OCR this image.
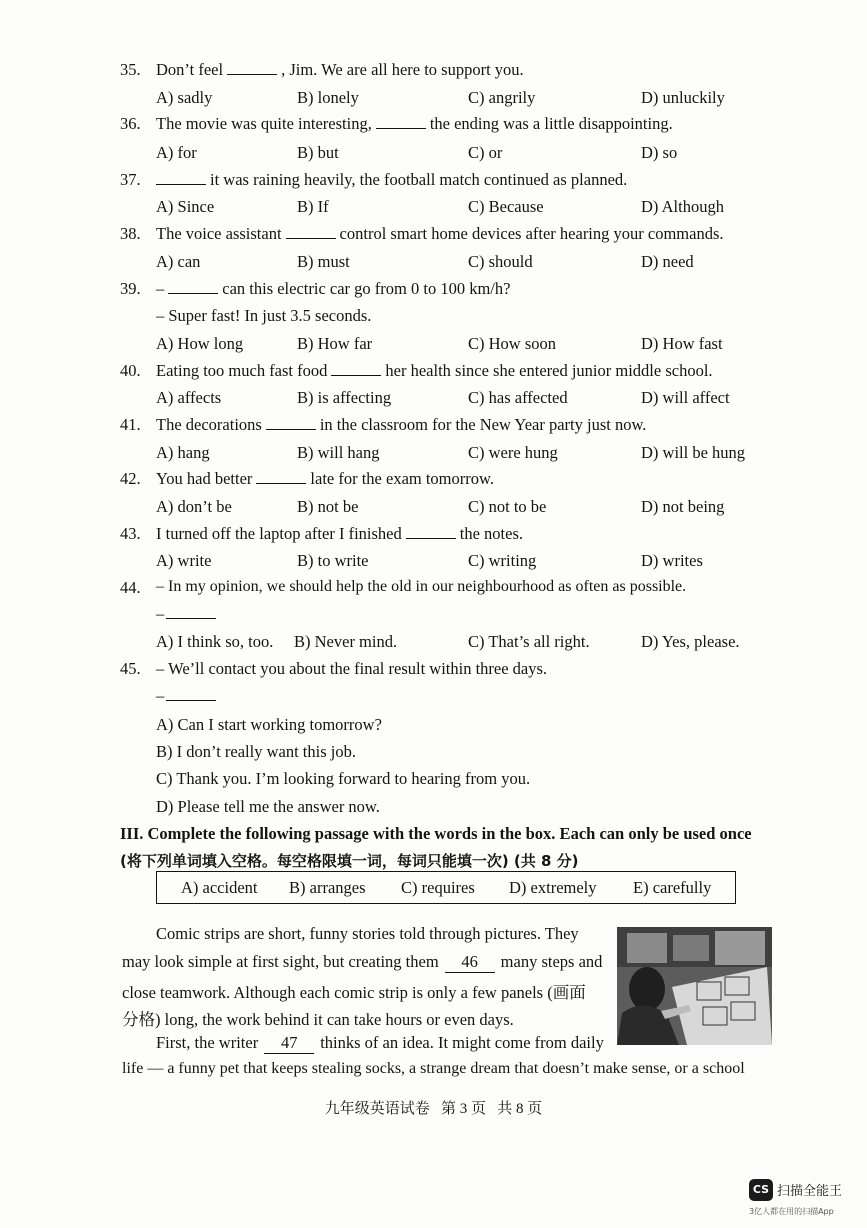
35. Don’t feel	, Jim. We are all here to support you.
A) sadly	B) lonely	C) angrily	D) unluckily
36. The movie was quite interesting,	the ending was a little disappointing.
A) for	B) but	C) or	D) so
37.	it was raining heavily, the football match continued as planned.
A) Since	B) If	C) Because	D) Although
38. The voice assistant	control smart home devices after hearing your commands.
A) can	B) must	C) should	D) need
39. –	can this electric car go from 0 to 100 km/h?
– Super fast! In just 3.5 seconds.
A) How long	B) How far	C) How soon	D) How fast
40. Eating too much fast food	her health since she entered junior middle school.
A) affects	B) is affecting	C) has affected	D) will affect
41. The decorations	in the classroom for the New Year party just now.
A) hang	B) will hang	C) were hung	D) will be hung
42. You had better	late for the exam tomorrow.
A) don’t be	B) not be	C) not to be	D) not being
43. I turned off the laptop after I finished	the notes.
A) write	B) to write	C) writing	D) writes
44. – In my opinion, we should help the old in our neighbourhood as often as possible.
–
A) I think so, too. B) Never mind.	C) That’s all right.	D) Yes, please.
45. – We’ll contact you about the final result within three days.
–
A) Can I start working tomorrow?
B) I don’t really want this job.
C) Thank you. I’m looking forward to hearing from you.
D) Please tell me the answer now.
III. Complete the following passage with the words in the box. Each can only be used once
(将下列单词填入空格。每空格限填一词，每词只能填一次) (共 8 分)
A) accident B) arranges C) requires D) extremely E) carefully
Comic strips are short, funny stories told through pictures. They
may look simple at first sight, but creating them 46 many steps and
close teamwork. Although each comic strip is only a few panels (画面
分格) long, the work behind it can take hours or even days.
First, the writer 47 thinks of an idea. It might come from daily
life — a funny pet that keeps stealing socks, a strange dream that doesn’t make sense, or a school
九年级英语试卷   第 3 页   共 8 页
CS 扫描全能王
3亿人都在用的扫描App
